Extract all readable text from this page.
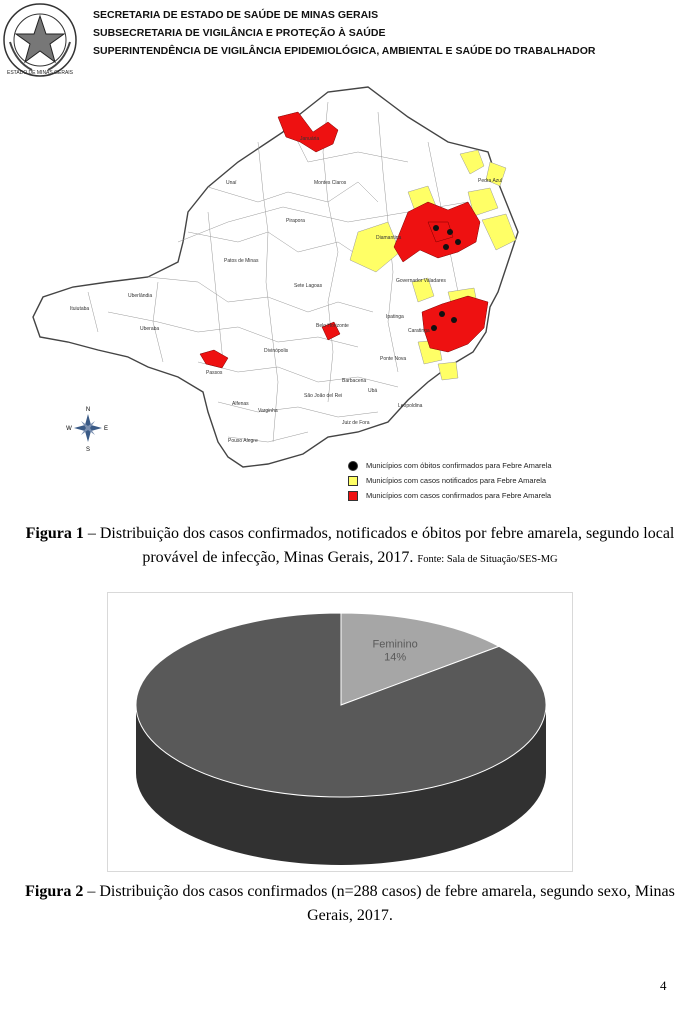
ESTADO DE MINAS GERAIS
SECRETARIA DE ESTADO DE SAÚDE DE MINAS GERAIS
SUBSECRETARIA DE VIGILÂNCIA E PROTEÇÃO À SAÚDE
SUPERINTENDÊNCIA DE VIGILÂNCIA EPIDEMIOLÓGICA, AMBIENTAL E SAÚDE DO TRABALHADOR
Januária
Unaí	Montes Claros	Pedra Azul
Pirapora
Diamantina
Patos de Minas
Sete Lagoas
Governador Valadares
Ituiutaba
Uberlândia
Uberaba	Belo Horizonte
Divinópolis
Ipatinga
Caratinga
Ponte Nova
Passos
Alfenas
Barbacena
Ubá
Juiz de Fora
Leopoldina
São João del Rei
Varginha
Pouso Alegre
N
S
E
W
Municípios com óbitos confirmados para Febre Amarela
Municípios com casos notificados para Febre Amarela
Municípios com casos confirmados para Febre Amarela
Figura 1 – Distribuição dos casos confirmados, notificados e óbitos por febre amarela, segundo local provável de infecção, Minas Gerais, 2017. Fonte: Sala de Situação/SES-MG
Feminino
14%
Figura 2 – Distribuição dos casos confirmados (n=288 casos) de febre amarela, segundo sexo, Minas Gerais, 2017.
4
